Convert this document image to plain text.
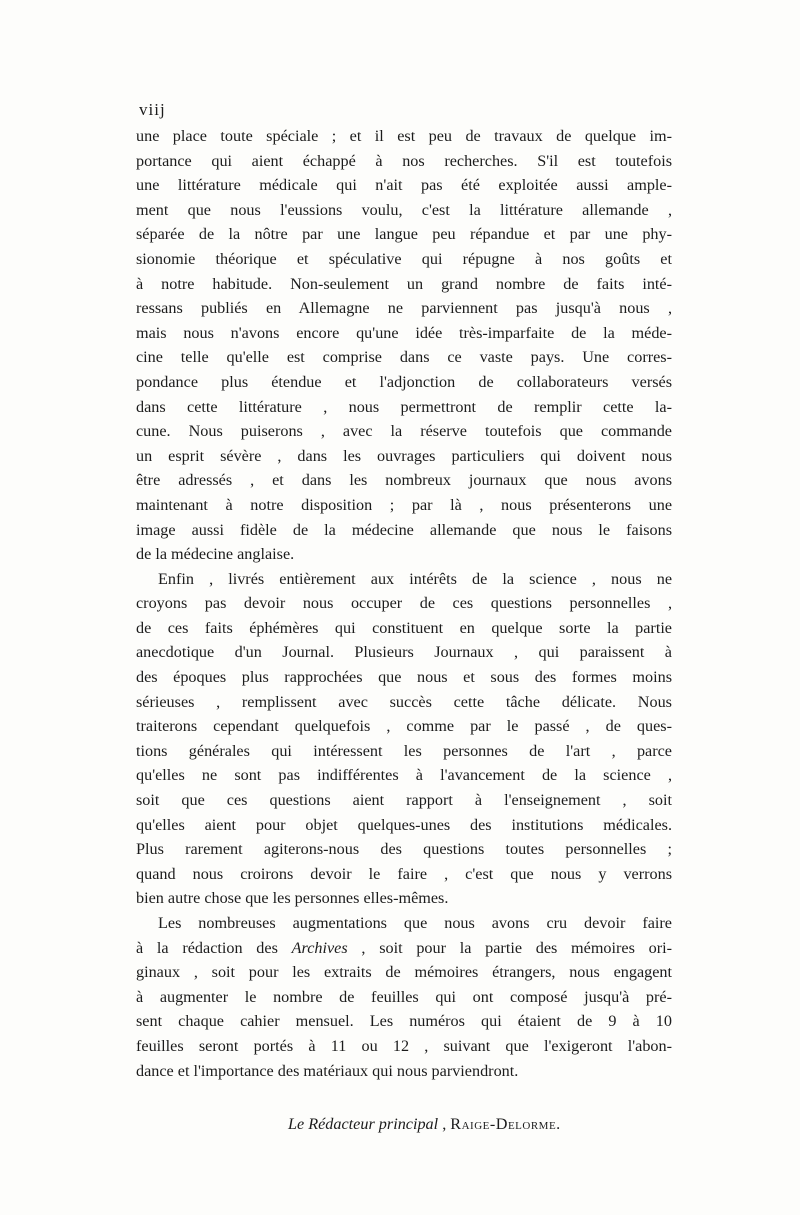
viij
une place toute spéciale ; et il est peu de travaux de quelque im-
portance qui aient échappé à nos recherches. S'il est toutefois
une littérature médicale qui n'ait pas été exploitée aussi ample-
ment que nous l'eussions voulu, c'est la littérature allemande ,
séparée de la nôtre par une langue peu répandue et par une phy-
sionomie théorique et spéculative qui répugne à nos goûts et
à notre habitude. Non-seulement un grand nombre de faits inté-
ressans publiés en Allemagne ne parviennent pas jusqu'à nous ,
mais nous n'avons encore qu'une idée très-imparfaite de la méde-
cine telle qu'elle est comprise dans ce vaste pays. Une corres-
pondance plus étendue et l'adjonction de collaborateurs versés
dans cette littérature , nous permettront de remplir cette la-
cune. Nous puiserons , avec la réserve toutefois que commande
un esprit sévère , dans les ouvrages particuliers qui doivent nous
être adressés , et dans les nombreux journaux que nous avons
maintenant à notre disposition ; par là , nous présenterons une
image aussi fidèle de la médecine allemande que nous le faisons
de la médecine anglaise.
Enfin , livrés entièrement aux intérêts de la science , nous ne
croyons pas devoir nous occuper de ces questions personnelles ,
de ces faits éphémères qui constituent en quelque sorte la partie
anecdotique d'un Journal. Plusieurs Journaux , qui paraissent à
des époques plus rapprochées que nous et sous des formes moins
sérieuses , remplissent avec succès cette tâche délicate. Nous
traiterons cependant quelquefois , comme par le passé , de ques-
tions générales qui intéressent les personnes de l'art , parce
qu'elles ne sont pas indifférentes à l'avancement de la science ,
soit que ces questions aient rapport à l'enseignement , soit
qu'elles aient pour objet quelques-unes des institutions médicales.
Plus rarement agiterons-nous des questions toutes personnelles ;
quand nous croirons devoir le faire , c'est que nous y verrons
bien autre chose que les personnes elles-mêmes.
Les nombreuses augmentations que nous avons cru devoir faire
à la rédaction des Archives , soit pour la partie des mémoires ori-
ginaux , soit pour les extraits de mémoires étrangers, nous engagent
à augmenter le nombre de feuilles qui ont composé jusqu'à pré-
sent chaque cahier mensuel. Les numéros qui étaient de 9 à 10
feuilles seront portés à 11 ou 12 , suivant que l'exigeront l'abon-
dance et l'importance des matériaux qui nous parviendront.
Le Rédacteur principal , Raige-Delorme.
